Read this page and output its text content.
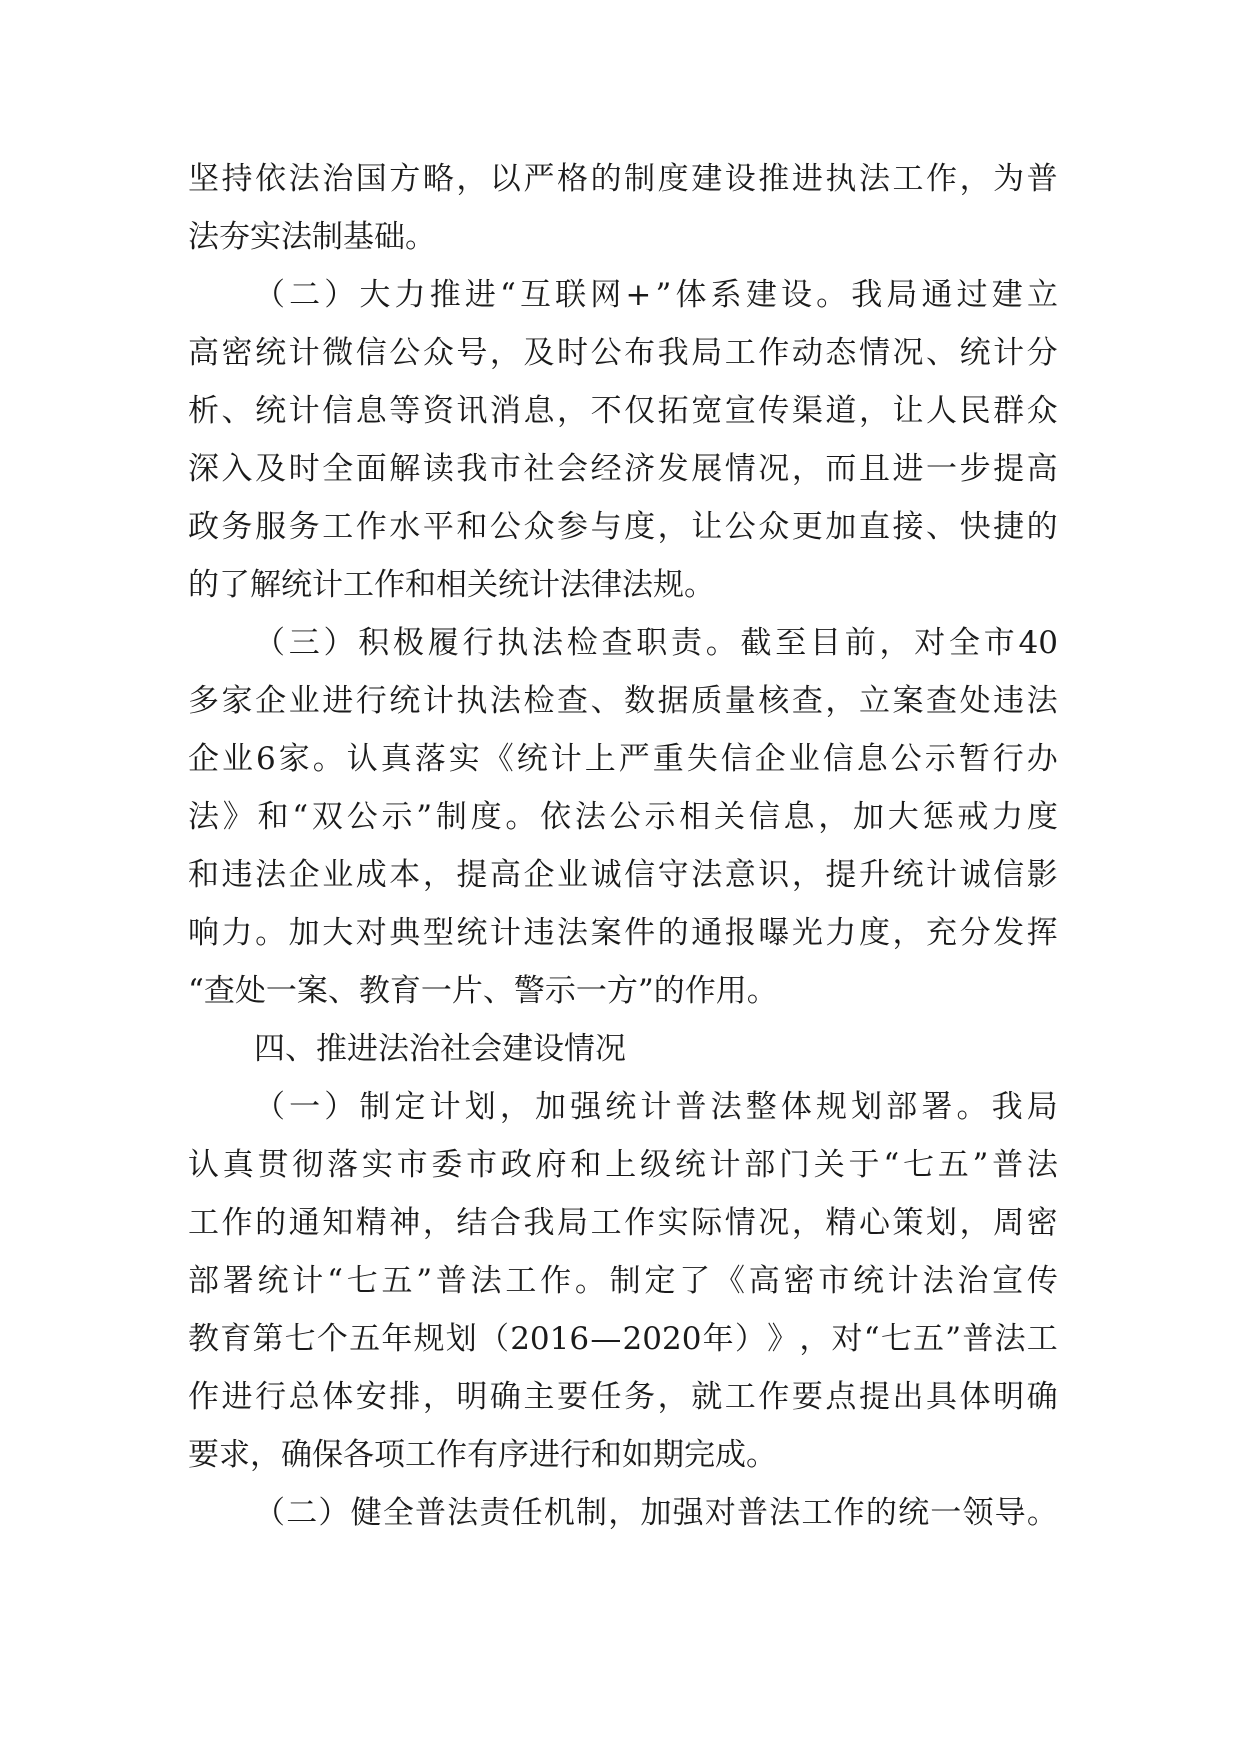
坚 持 依 法 治 国 方 略 ， 以 严 格 的 制 度 建 设 推 进 执 法 工 作 ， 为 普
法夯实法制基础。
（ 二 ） 大 力 推 进 “ 互 联 网 + ” 体 系 建 设 。 我 局 通 过 建 立
高 密 统 计 微 信 公 众 号 ， 及 时 公 布 我 局 工 作 动 态 情 况 、 统 计 分
析 、 统 计 信 息 等 资 讯 消 息 ， 不 仅 拓 宽 宣 传 渠 道 ， 让 人 民 群 众
深 入 及 时 全 面 解 读 我 市 社 会 经 济 发 展 情 况 ， 而 且 进 一 步 提 高
政 务 服 务 工 作 水 平 和 公 众 参 与 度 ， 让 公 众 更 加 直 接 、 快 捷 的
的了解统计工作和相关统计法律法规。
（ 三 ） 积 极 履 行 执 法 检 查 职 责 。 截 至 目 前 ， 对 全 市 40
多 家 企 业 进 行 统 计 执 法 检 查 、 数 据 质 量 核 查 ， 立 案 查 处 违 法
企 业 6 家 。 认 真 落 实 《 统 计 上 严 重 失 信 企 业 信 息 公 示 暂 行 办
法 》 和 “ 双 公 示 ” 制 度 。 依 法 公 示 相 关 信 息 ， 加 大 惩 戒 力 度
和 违 法 企 业 成 本 ， 提 高 企 业 诚 信 守 法 意 识 ， 提 升 统 计 诚 信 影
响 力 。 加 大 对 典 型 统 计 违 法 案 件 的 通 报 曝 光 力 度 ， 充 分 发 挥
“查处一案、教育一片、警示一方”的作用。
四、推进法治社会建设情况
（ 一 ） 制 定 计 划 ， 加 强 统 计 普 法 整 体 规 划 部 署 。 我 局
认 真 贯 彻 落 实 市 委 市 政 府 和 上 级 统 计 部 门 关 于 “ 七 五 ” 普 法
工 作 的 通 知 精 神 ， 结 合 我 局 工 作 实 际 情 况 ， 精 心 策 划 ， 周 密
部 署 统 计 “ 七 五 ” 普 法 工 作 。 制 定 了 《 高 密 市 统 计 法 治 宣 传
教 育 第 七 个 五 年 规 划 （ 2016 — 2020 年 ） 》 ， 对 “ 七 五 ” 普 法 工
作 进 行 总 体 安 排 ， 明 确 主 要 任 务 ， 就 工 作 要 点 提 出 具 体 明 确
要求，确保各项工作有序进行和如期完成。
（ 二 ） 健 全 普 法 责 任 机 制 ， 加 强 对 普 法 工 作 的 统 一 领 导 。
